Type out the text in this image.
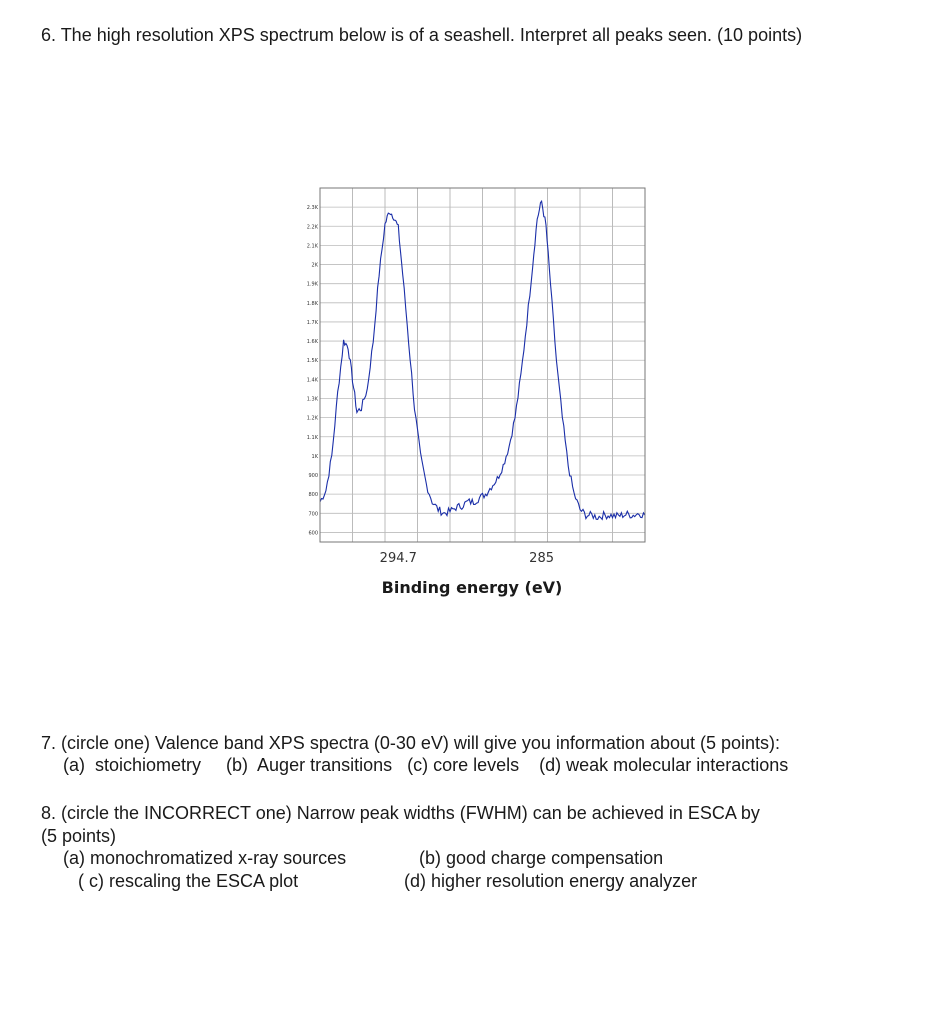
6. The high resolution XPS spectrum below is of a seashell. Interpret all peaks seen. (10 points)
2.3K
2.2K
2.1K
2K
1.9K
1.8K
1.7K
1.6K
1.5K
1.4K
1.3K
1.2K
1.1K
1K
900
800
700
600
294.7	285
Binding energy (eV)
7. (circle one) Valence band XPS spectra (0-30 eV) will give you information about (5 points):
(a)  stoichiometry     (b)  Auger transitions   (c) core levels    (d) weak molecular interactions
8. (circle the INCORRECT one) Narrow peak widths (FWHM) can be achieved in ESCA by
(5 points)
(a) monochromatized x-ray sources	(b) good charge compensation
( c) rescaling the ESCA plot	(d) higher resolution energy analyzer
